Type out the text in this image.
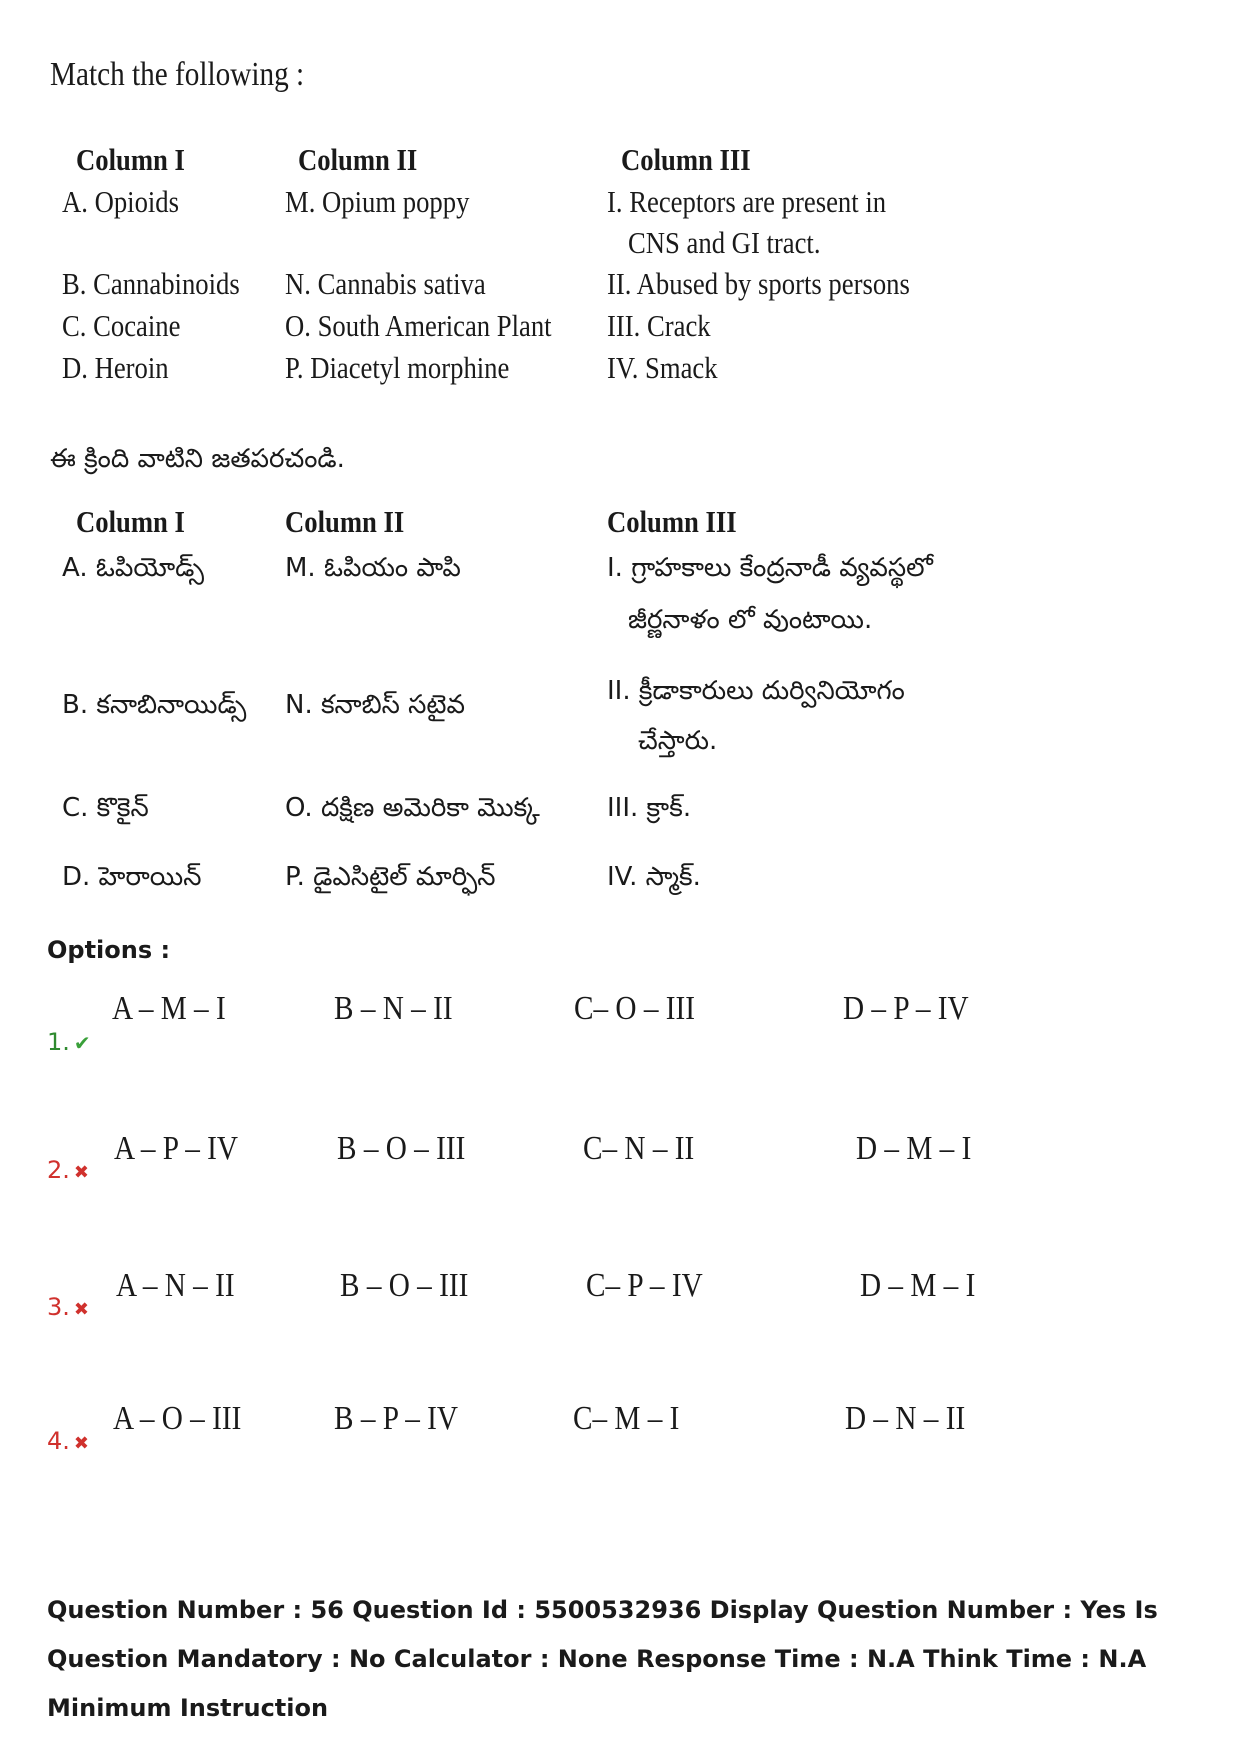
Match the following :
Column I	Column II	Column III
A. Opioids	M. Opium poppy	I. Receptors are present in
CNS and GI tract.
B. Cannabinoids N. Cannabis sativa	II. Abused by sports persons
C. Cocaine	O. South American Plant III. Crack
D. Heroin	P. Diacetyl morphine	IV. Smack
ఈ క్రింది వాటిని జతపరచండి.
Column I	Column II	Column III
A. ఓపియోడ్స్	M. ఓపియం పాపి	I. గ్రాహకాలు కేంద్రనాడీ వ్యవస్థలో
జీర్ణనాళం లో వుంటాయి.
B. కనాబినాయిడ్స్ N. కనాబిస్ సటైవ	II. క్రీడాకారులు దుర్వినియోగం
చేస్తారు.
C. కొకైన్	O. దక్షిణ అమెరికా మొక్క	III. క్రాక్.
D. హెరాయిన్	P. డైఎసిటైల్ మార్ఫిన్	IV. స్మాక్.
Options :
1. ✔
A – M – I	B – N – II	C– O – III	D – P – IV
2. ✖
A – P – IV	B – O – III	C– N – II	D – M – I
3. ✖
A – N – II	B – O – III	C– P – IV	D – M – I
4. ✖
A – O – III	B – P – IV	C– M – I	D – N – II
Question Number : 56 Question Id : 5500532936 Display Question Number : Yes Is Question Mandatory : No Calculator : None Response Time : N.A Think Time : N.A Minimum Instruction
